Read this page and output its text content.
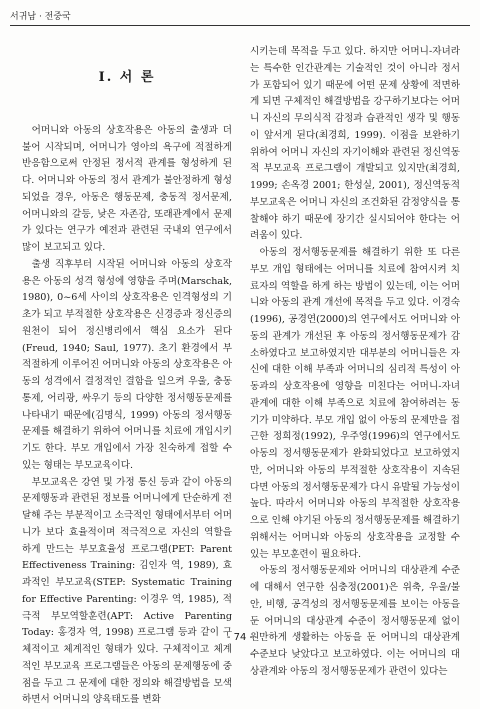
서귀남 · 전중국
Ⅰ. 서 론

어머니와 아동의 상호작용은 아동의 출생과 더불어 시작되며, 어머니가 영아의 욕구에 적절하게 반응함으로써 안정된 정서적 관계를 형성하게 된다. 어머니와 아동의 정서 관계가 불안정하게 형성되었을 경우, 아동은 행동문제, 충동적 정서문제, 어머니와의 갈등, 낮은 자존감, 또래관계에서 문제가 있다는 연구가 예전과 관련된 국내외 연구에서 많이 보고되고 있다.

출생 직후부터 시작된 어머니와 아동의 상호작용은 아동의 성격 형성에 영향을 주며(Marschak, 1980), 0~6세 사이의 상호작용은 인격형성의 기초가 되고 부적절한 상호작용은 신경증과 정신증의 원천이 되어 정신병리에서 핵심 요소가 된다(Freud, 1940; Saul, 1977). 초기 환경에서 부적절하게 이루어진 어머니와 아동의 상호작용은 아동의 성격에서 결정적인 결함을 일으켜 우울, 충동통제, 어리광, 싸우기 등의 다양한 정서행동문제를 나타내기 때문에(김명식, 1999) 아동의 정서행동문제를 해결하기 위하여 어머니를 치료에 개입시키기도 한다. 부모 개입에서 가장 친숙하게 접할 수 있는 형태는 부모교육이다.

부모교육은 강연 및 가정 통신 등과 같이 아동의 문제행동과 관련된 정보를 어머니에게 단순하게 전달해 주는 부분적이고 소극적인 형태에서부터 어머니가 보다 효율적이며 적극적으로 자신의 역할을 하게 만드는 부모효율성 프로그램(PET: Parent Effectiveness Training: 김인자 역, 1989), 효과적인 부모교육(STEP: Systematic Training for Effective Parenting: 이경우 역, 1985), 적극적 부모역할훈련(APT: Active Parenting Today: 홍경자 역, 1998) 프로그램 등과 같이 구체적이고 체계적인 형태가 있다. 구체적이고 체계적인 부모교육 프로그램들은 아동의 문제행동에 중점을 두고 그 문제에 대한 정의와 해결방법을 모색하면서 어머니의 양육태도를 변화

시키는데 목적을 두고 있다. 하지만 어머니-자녀라는 특수한 인간관계는 기술적인 것이 아니라 정서가 포함되어 있기 때문에 어떤 문제 상황에 적면하게 되면 구체적인 해결방법을 강구하기보다는 어머니 자신의 무의식적 감정과 습관적인 생각 및 행동이 앞서게 된다(최경희, 1999). 이점을 보완하기 위하여 어머니 자신의 자기이해와 관련된 정신역동적 부모교육 프로그램이 개발되고 있지만(최경희, 1999; 손옥경 2001; 한성실, 2001), 정신역동적 부모교육은 어머니 자신의 조건화된 감정양식을 통찰해야 하기 때문에 장기간 실시되어야 한다는 어려움이 있다.

아동의 정서행동문제를 해결하기 위한 또 다른 부모 개입 형태에는 어머니를 치료에 참여시켜 치료자의 역할을 하게 하는 방법이 있는데, 이는 어머니와 아동의 관계 개선에 목적을 두고 있다. 이경숙(1996), 공경연(2000)의 연구에서도 어머니와 아동의 관계가 개선된 후 아동의 정서행동문제가 감소하였다고 보고하였지만 대부분의 어머니들은 자신에 대한 이해 부족과 어머니의 심리적 특성이 아동과의 상호작용에 영향을 미친다는 어머니-자녀 관계에 대한 이해 부족으로 치료에 참여하려는 동기가 미약하다. 부모 개입 없이 아동의 문제만을 접근한 정희정(1992), 우주영(1996)의 연구에서도 아동의 정서행동문제가 완화되었다고 보고하였지만, 어머니와 아동의 부적절한 상호작용이 지속된다면 아동의 정서행동문제가 다시 유발될 가능성이 높다. 따라서 어머니와 아동의 부적절한 상호작용으로 인해 야기된 아동의 정서행동문제를 해결하기 위해서는 어머니와 아동의 상호작용을 교정할 수 있는 부모훈련이 필요하다.

아동의 정서행동문제와 어머니의 대상관계 수준에 대해서 연구한 심충정(2001)은 위축, 우울/불안, 비행, 공격성의 정서행동문제를 보이는 아동을 둔 어머니의 대상관계 수준이 정서행동문제 없이 원만하게 생활하는 아동을 둔 어머니의 대상관계 수준보다 낮았다고 보고하였다. 이는 어머니의 대상관계와 아동의 정서행동문제가 관련이 있다는

- 74 -
